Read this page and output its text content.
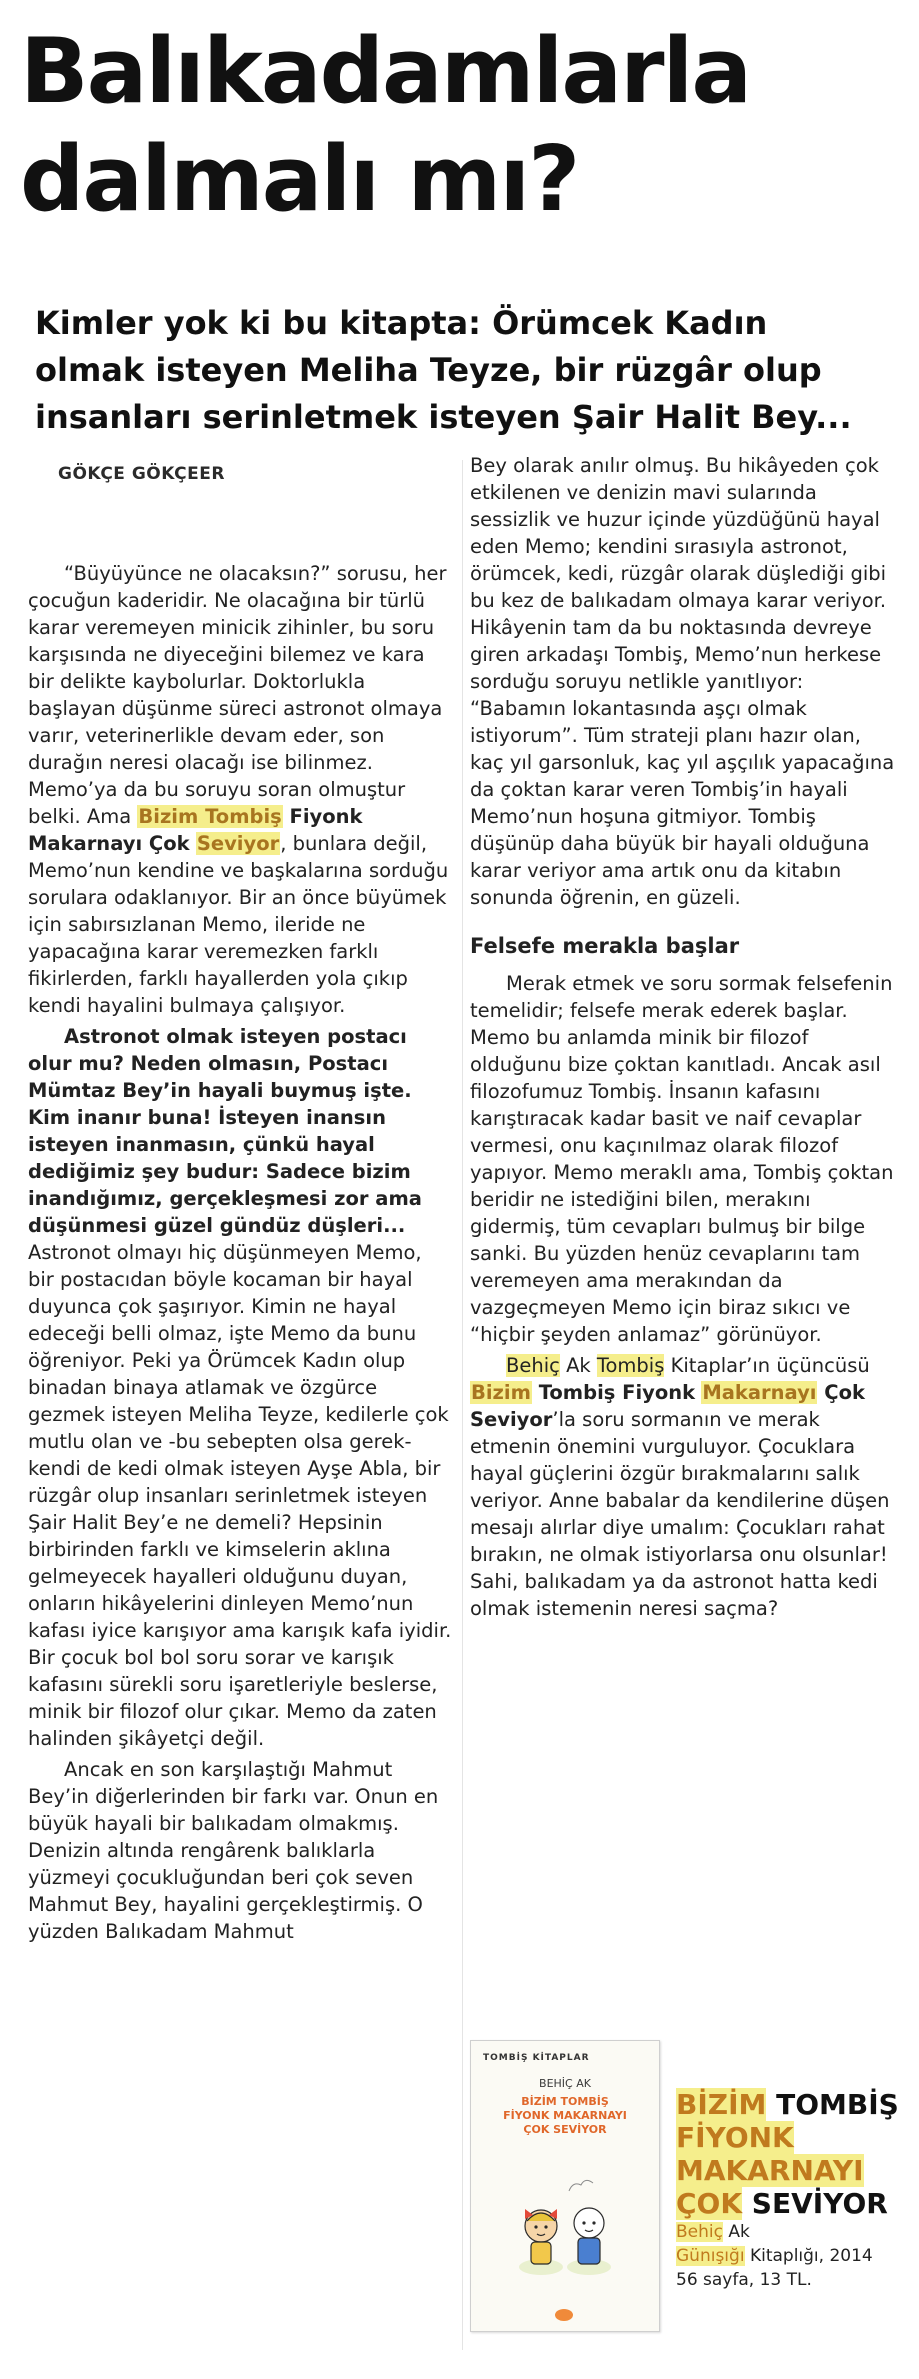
Balıkadamlarla dalmalı mı?

Kimler yok ki bu kitapta: Örümcek Kadın olmak isteyen Meliha Teyze, bir rüzgâr olup insanları serinletmek isteyen Şair Halit Bey...

GÖKÇE GÖKÇEER

“Büyüyünce ne olacaksın?” sorusu, her çocuğun kaderidir. Ne olacağına bir türlü karar veremeyen minicik zihinler, bu soru karşısında ne diyeceğini bilemez ve kara bir delikte kaybolurlar. Doktorlukla başlayan düşünme süreci astronot olmaya varır, veterinerlikle devam eder, son durağın neresi olacağı ise bilinmez. Memo’ya da bu soruyu soran olmuştur belki. Ama Bizim Tombiş Fiyonk Makarnayı Çok Seviyor, bunlara değil, Memo’nun kendine ve başkalarına sorduğu sorulara odaklanıyor. Bir an önce büyümek için sabırsızlanan Memo, ileride ne yapacağına karar veremezken farklı fikirlerden, farklı hayallerden yola çıkıp kendi hayalini bulmaya çalışıyor.

Astronot olmak isteyen postacı olur mu? Neden olmasın, Postacı Mümtaz Bey’in hayali buymuş işte. Kim inanır buna! İsteyen inansın isteyen inanmasın, çünkü hayal dediğimiz şey budur: Sadece bizim inandığımız, gerçekleşmesi zor ama düşünmesi güzel gündüz düşleri... Astronot olmayı hiç düşünmeyen Memo, bir postacıdan böyle kocaman bir hayal duyunca çok şaşırıyor. Kimin ne hayal edeceği belli olmaz, işte Memo da bunu öğreniyor. Peki ya Örümcek Kadın olup binadan binaya atlamak ve özgürce gezmek isteyen Meliha Teyze, kedilerle çok mutlu olan ve -bu sebepten olsa gerek- kendi de kedi olmak isteyen Ayşe Abla, bir rüzgâr olup insanları serinletmek isteyen Şair Halit Bey’e ne demeli? Hepsinin birbirinden farklı ve kimselerin aklına gelmeyecek hayalleri olduğunu duyan, onların hikâyelerini dinleyen Memo’nun kafası iyice karışıyor ama karışık kafa iyidir. Bir çocuk bol bol soru sorar ve karışık kafasını sürekli soru işaretleriyle beslerse, minik bir filozof olur çıkar. Memo da zaten halinden şikâyetçi değil.

Ancak en son karşılaştığı Mahmut Bey’in diğerlerinden bir farkı var. Onun en büyük hayali bir balıkadam olmakmış. Denizin altında rengârenk balıklarla yüzmeyi çocukluğundan beri çok seven Mahmut Bey, hayalini gerçekleştirmiş. O yüzden Balıkadam Mahmut

Bey olarak anılır olmuş. Bu hikâyeden çok etkilenen ve denizin mavi sularında sessizlik ve huzur içinde yüzdüğünü hayal eden Memo; kendini sırasıyla astronot, örümcek, kedi, rüzgâr olarak düşlediği gibi bu kez de balıkadam olmaya karar veriyor. Hikâyenin tam da bu noktasında devreye giren arkadaşı Tombiş, Memo’nun herkese sorduğu soruyu netlikle yanıtlıyor: “Babamın lokantasında aşçı olmak istiyorum”. Tüm strateji planı hazır olan, kaç yıl garsonluk, kaç yıl aşçılık yapacağına da çoktan karar veren Tombiş’in hayali Memo’nun hoşuna gitmiyor. Tombiş düşünüp daha büyük bir hayali olduğuna karar veriyor ama artık onu da kitabın sonunda öğrenin, en güzeli.

Felsefe merakla başlar

Merak etmek ve soru sormak felsefenin temelidir; felsefe merak ederek başlar. Memo bu anlamda minik bir filozof olduğunu bize çoktan kanıtladı. Ancak asıl filozofumuz Tombiş. İnsanın kafasını karıştıracak kadar basit ve naif cevaplar vermesi, onu kaçınılmaz olarak filozof yapıyor. Memo meraklı ama, Tombiş çoktan beridir ne istediğini bilen, merakını gidermiş, tüm cevapları bulmuş bir bilge sanki. Bu yüzden henüz cevaplarını tam veremeyen ama merakından da vazgeçmeyen Memo için biraz sıkıcı ve “hiçbir şeyden anlamaz” görünüyor.

Behiç Ak Tombiş Kitaplar’ın üçüncüsü Bizim Tombiş Fiyonk Makarnayı Çok Seviyor’la soru sormanın ve merak etmenin önemini vurguluyor. Çocuklara hayal güçlerini özgür bırakmalarını salık veriyor. Anne babalar da kendilerine düşen mesajı alırlar diye umalım: Çocukları rahat bırakın, ne olmak istiyorlarsa onu olsunlar! Sahi, balıkadam ya da astronot hatta kedi olmak istemenin neresi saçma?

TOMBİŞ KİTAPLAR
BEHİÇ AK
BİZİM TOMBİŞ
FİYONK MAKARNAYI
ÇOK SEVİYOR
BİZİM TOMBİŞ
FİYONK
MAKARNAYI
ÇOK SEVİYOR
Behiç Ak
Günışığı Kitaplığı, 2014
56 sayfa, 13 TL.
